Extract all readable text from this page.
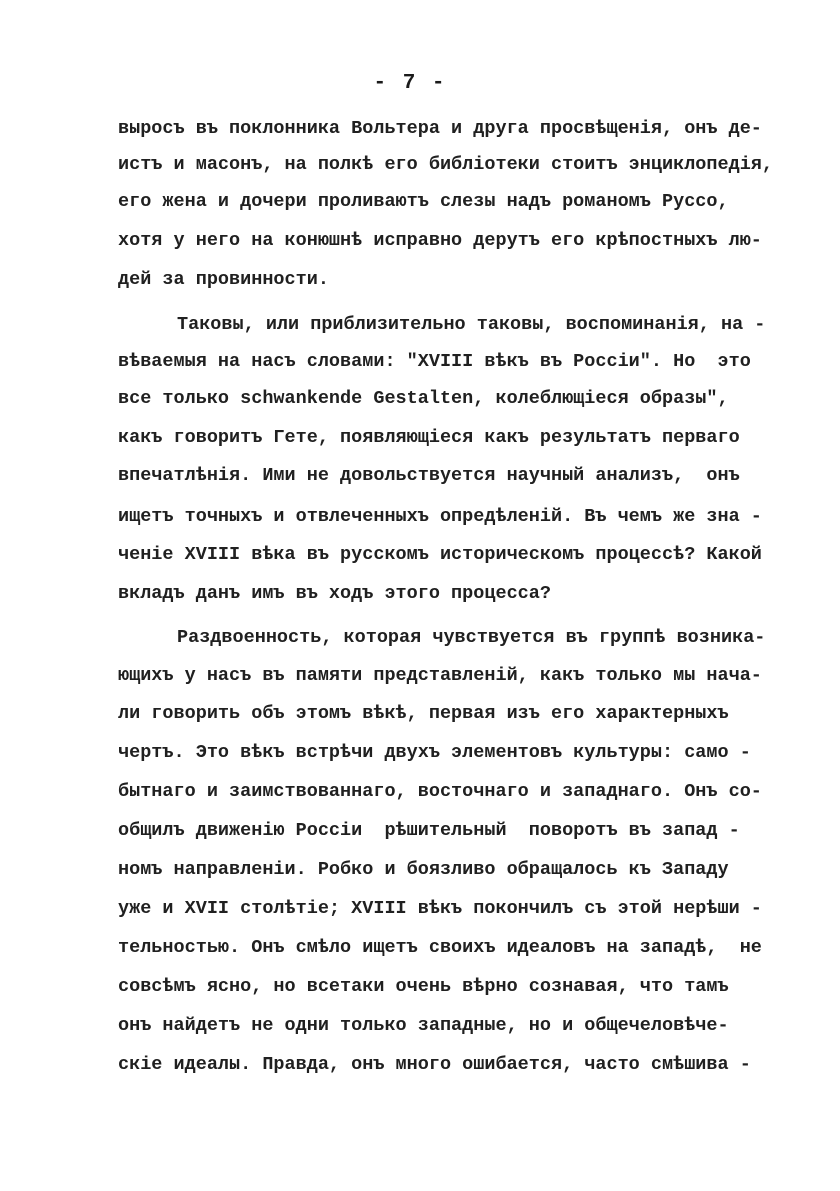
- 7 -
выросъ въ поклонника Вольтера и друга просвѣщенія, онъ де-
истъ и масонъ, на полкѣ его библіотеки стоитъ энциклопедія,
его жена и дочери проливаютъ слезы надъ романомъ Руссо,
хотя у него на конюшнѣ исправно дерутъ его крѣпостныхъ лю-
дей за провинности.
Таковы, или приблизительно таковы, воспоминанія, на -
вѣваемыя на насъ словами: "XVIII вѣкъ въ Россіи". Но  это
все только schwankende Gestalten, колеблющіеся образы",
какъ говоритъ Гете, появляющіеся какъ результатъ перваго
впечатлѣнія. Ими не довольствуется научный анализъ,  онъ
ищетъ точныхъ и отвлеченныхъ опредѣленій. Въ чемъ же зна -
ченіе XVIII вѣка въ русскомъ историческомъ процессѣ? Какой
вкладъ данъ имъ въ ходъ этого процесса?
Раздвоенность, которая чувствуется въ группѣ возника-
ющихъ у насъ въ памяти представленій, какъ только мы нача-
ли говорить объ этомъ вѣкѣ, первая изъ его характерныхъ
чертъ. Это вѣкъ встрѣчи двухъ элементовъ культуры: само -
бытнаго и заимствованнаго, восточнаго и западнаго. Онъ со-
общилъ движенію Россіи  рѣшительный  поворотъ въ запад -
номъ направленіи. Робко и боязливо обращалось къ Западу
уже и XVII столѣтіе; XVIII вѣкъ покончилъ съ этой нерѣши -
тельностью. Онъ смѣло ищетъ своихъ идеаловъ на западѣ,  не
совсѣмъ ясно, но всетаки очень вѣрно сознавая, что тамъ
онъ найдетъ не одни только западные, но и общечеловѣче-
скіе идеалы. Правда, онъ много ошибается, часто смѣшива -
